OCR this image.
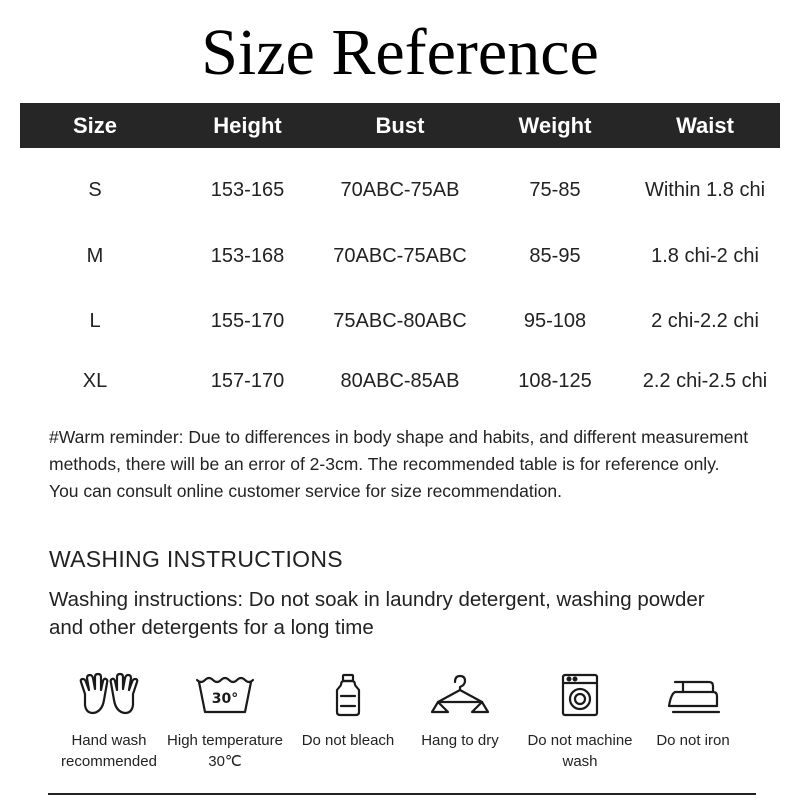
Size Reference
Size	Height	Bust	Weight	Waist
S	153-165	70ABC-75AB	75-85	Within 1.8 chi
M	153-168	70ABC-75ABC	85-95	1.8 chi-2 chi
L	155-170	75ABC-80ABC	95-108	2 chi-2.2 chi
XL	157-170	80ABC-85AB	108-125	2.2 chi-2.5 chi
#Warm reminder: Due to differences in body shape and habits, and different measurement
methods, there will be an error of 2-3cm. The recommended table is for reference only.
You can consult online customer service for size recommendation.
WASHING INSTRUCTIONS
Washing instructions: Do not soak in laundry detergent, washing powder
and other detergents for a long time
Hand wash
recommended
30°
High temperature
30℃
Do not bleach	Hang to dry	Do not machine
wash
Do not iron
